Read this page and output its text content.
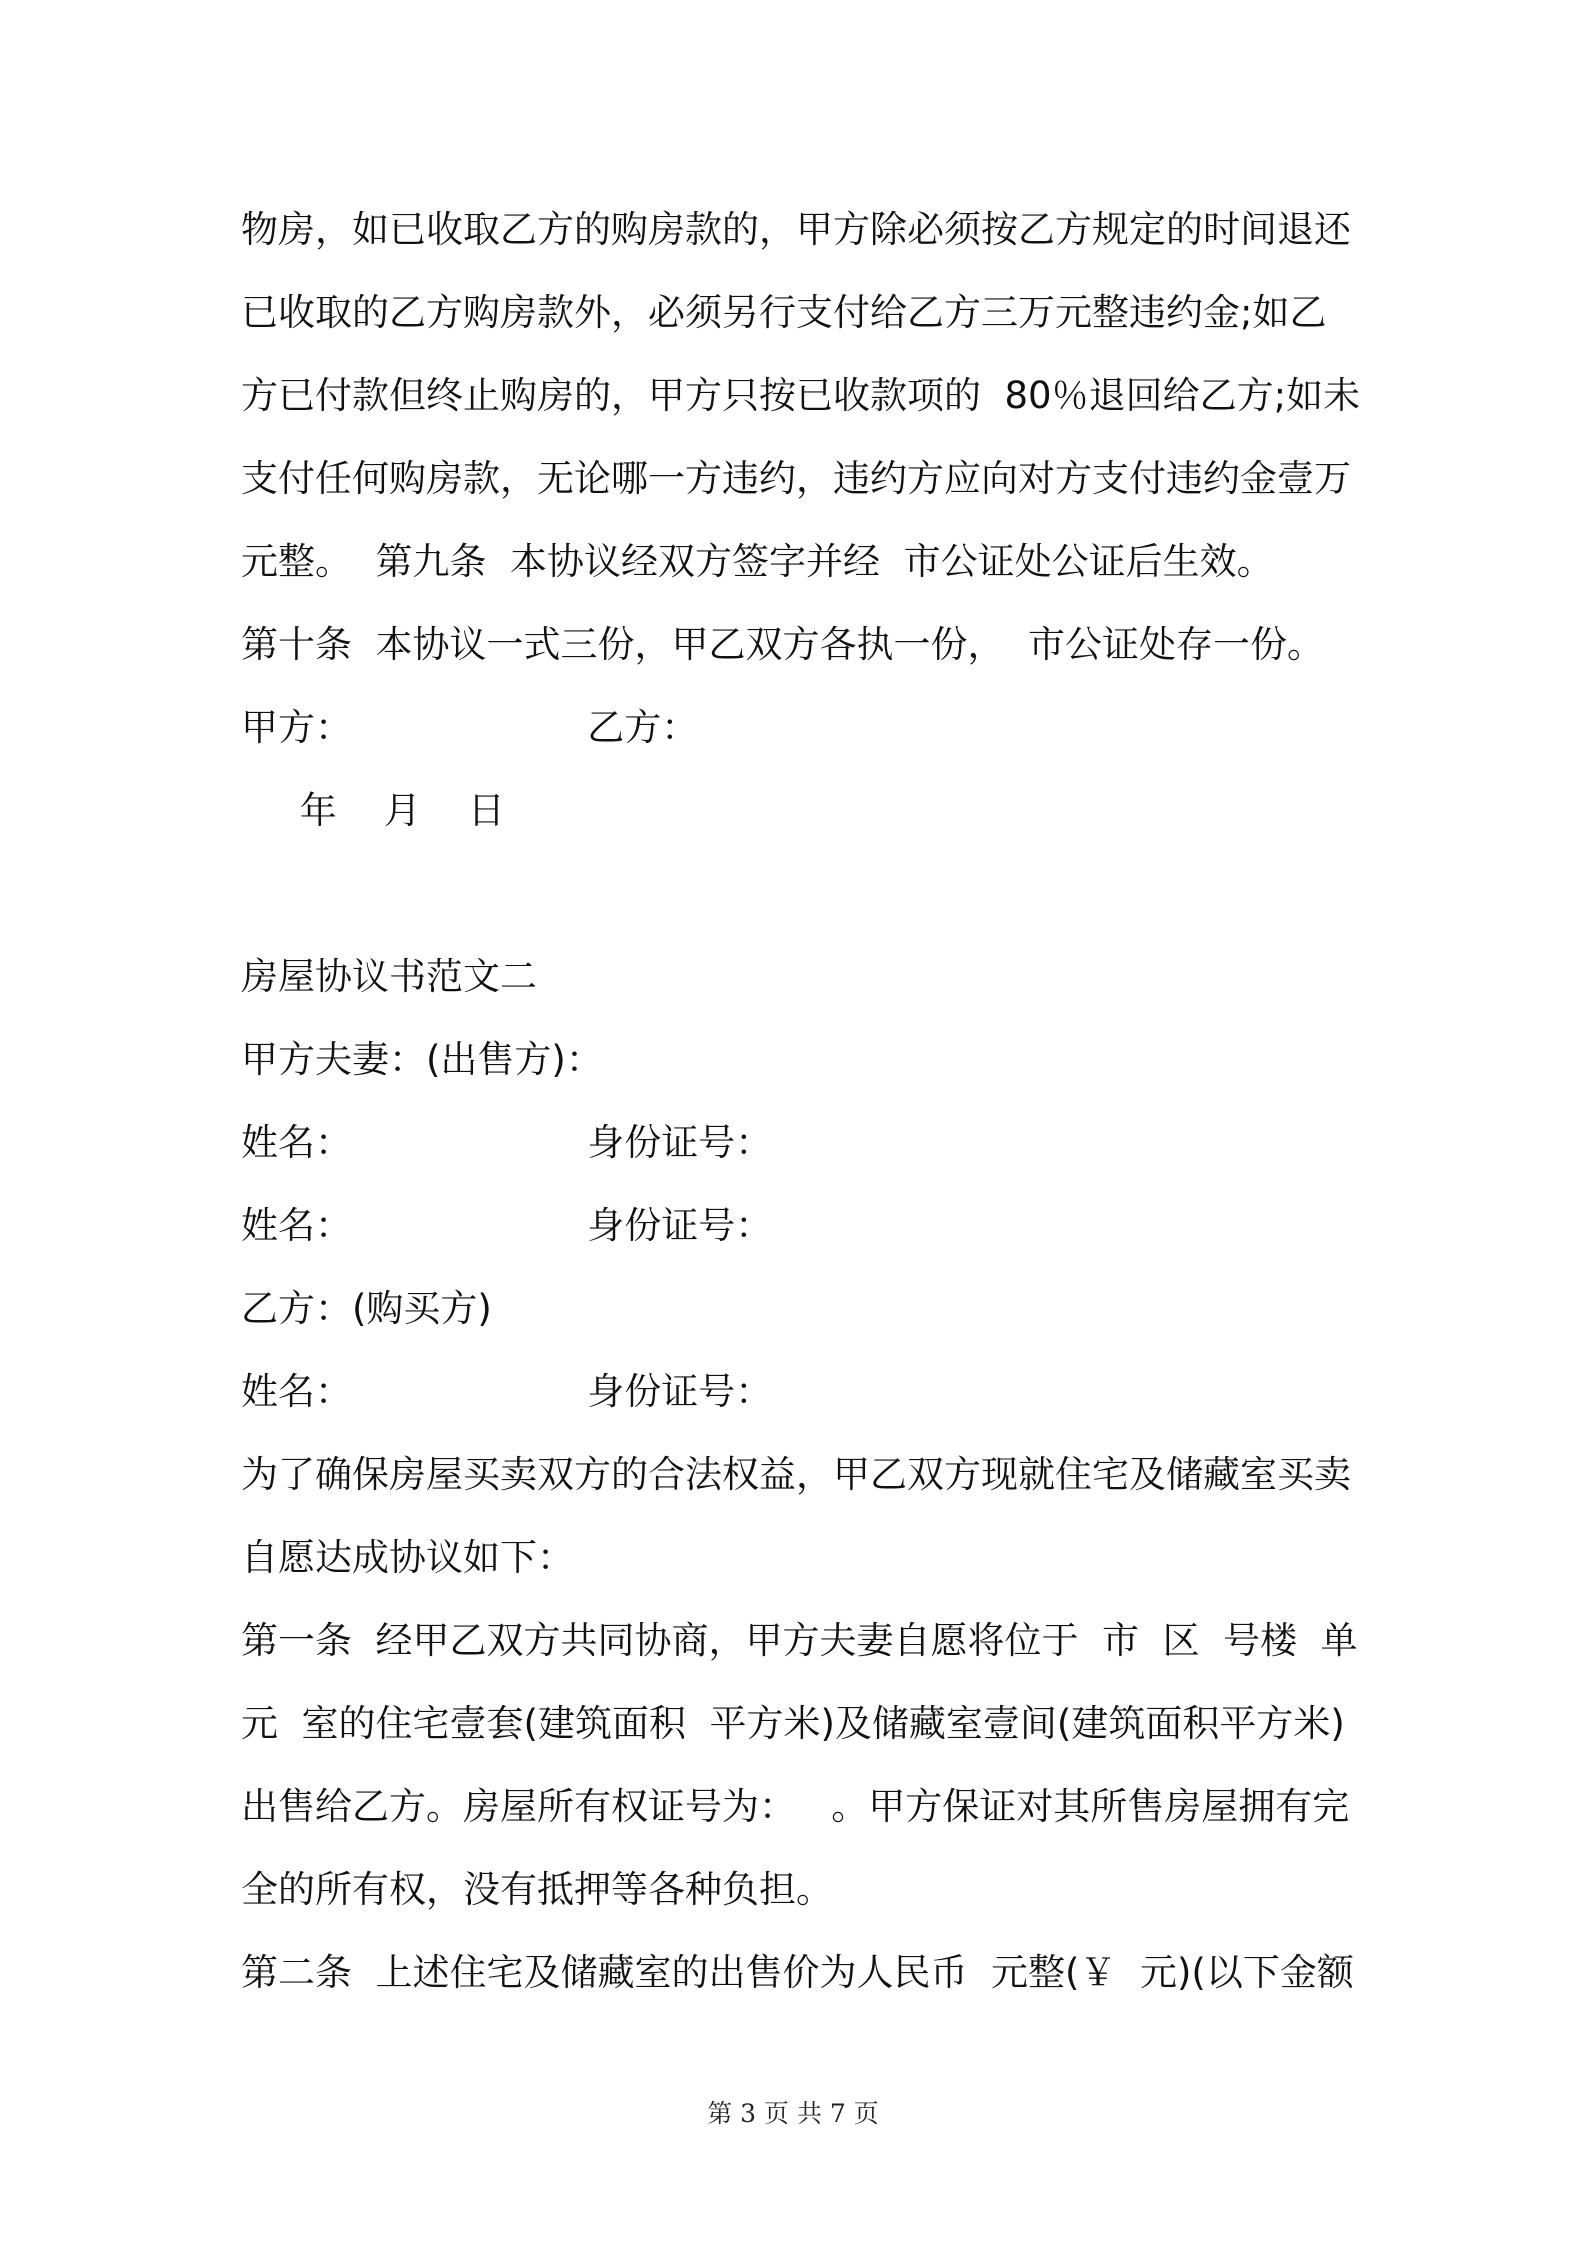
物房，如已收取乙方的购房款的，甲方除必须按乙方规定的时间退还
已收取的乙方购房款外，必须另行支付给乙方三万元整违约金;如乙
方已付款但终止购房的，甲方只按已收款项的  80％退回给乙方;如未
支付任何购房款，无论哪一方违约，违约方应向对方支付违约金壹万
元整。  第九条  本协议经双方签字并经  市公证处公证后生效。
第十条  本协议一式三份，甲乙双方各执一份，  市公证处存一份。
甲方：                    乙方：
年    月    日
房屋协议书范文二
甲方夫妻：(出售方)：
姓名：                    身份证号：
姓名：                    身份证号：
乙方：(购买方)
姓名：                    身份证号：
为了确保房屋买卖双方的合法权益，甲乙双方现就住宅及储藏室买卖
自愿达成协议如下：
第一条  经甲乙双方共同协商，甲方夫妻自愿将位于  市  区  号楼  单
元  室的住宅壹套(建筑面积  平方米)及储藏室壹间(建筑面积平方米)
出售给乙方。房屋所有权证号为：   。甲方保证对其所售房屋拥有完
全的所有权，没有抵押等各种负担。
第二条  上述住宅及储藏室的出售价为人民币  元整(￥  元)(以下金额
第 3 页 共 7 页
